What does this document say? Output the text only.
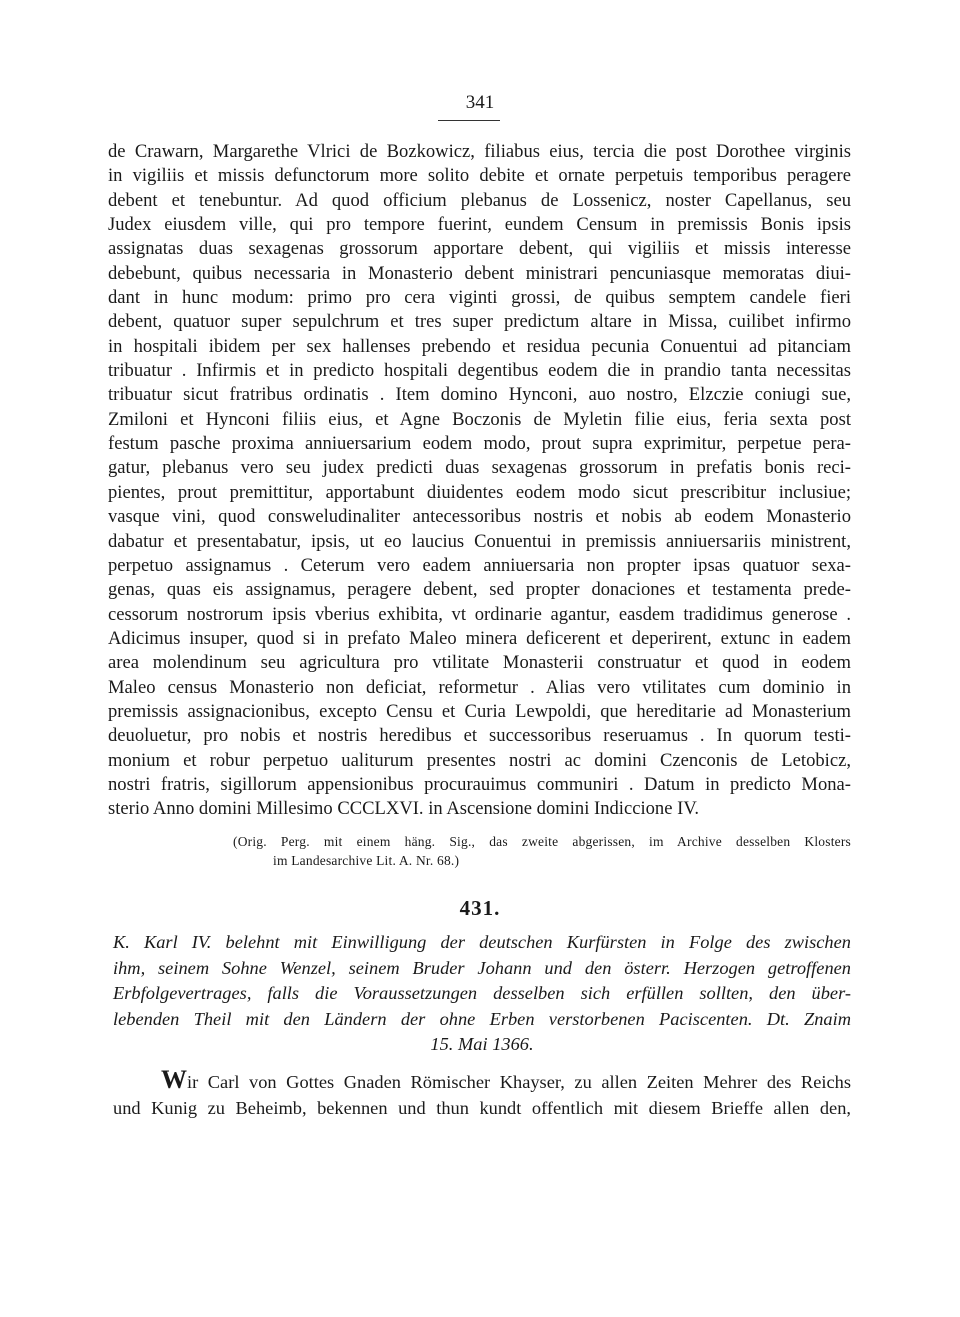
341
de Crawarn, Margarethe Vlrici de Bozkowicz, filiabus eius, tercia die post Dorothee virginis
in vigiliis et missis defunctorum more solito debite et ornate perpetuis temporibus peragere
debent et tenebuntur. Ad quod officium plebanus de Lossenicz, noster Capellanus, seu
Judex eiusdem ville, qui pro tempore fuerint, eundem Censum in premissis Bonis ipsis
assignatas duas sexagenas grossorum apportare debent, qui vigiliis et missis interesse
debebunt, quibus necessaria in Monasterio debent ministrari pencuniasque memoratas diui-
dant in hunc modum: primo pro cera viginti grossi, de quibus semptem candele fieri
debent, quatuor super sepulchrum et tres super predictum altare in Missa, cuilibet infirmo
in hospitali ibidem per sex hallenses prebendo et residua pecunia Conuentui ad pitanciam
tribuatur . Infirmis et in predicto hospitali degentibus eodem die in prandio tanta necessitas
tribuatur sicut fratribus ordinatis . Item domino Hynconi, auo nostro, Elzczie coniugi sue,
Zmiloni et Hynconi filiis eius, et Agne Boczonis de Myletin filie eius, feria sexta post
festum pasche proxima anniuersarium eodem modo, prout supra exprimitur, perpetue pera-
gatur, plebanus vero seu judex predicti duas sexagenas grossorum in prefatis bonis reci-
pientes, prout premittitur, apportabunt diuidentes eodem modo sicut prescribitur inclusiue;
vasque vini, quod consweludinaliter antecessoribus nostris et nobis ab eodem Monasterio
dabatur et presentabatur, ipsis, ut eo laucius Conuentui in premissis anniuersariis ministrent,
perpetuo assignamus . Ceterum vero eadem anniuersaria non propter ipsas quatuor sexa-
genas, quas eis assignamus, peragere debent, sed propter donaciones et testamenta prede-
cessorum nostrorum ipsis vberius exhibita, vt ordinarie agantur, easdem tradidimus generose .
Adicimus insuper, quod si in prefato Maleo minera deficerent et deperirent, extunc in eadem
area molendinum seu agricultura pro vtilitate Monasterii construatur et quod in eodem
Maleo census Monasterio non deficiat, reformetur . Alias vero vtilitates cum dominio in
premissis assignacionibus, excepto Censu et Curia Lewpoldi, que hereditarie ad Monasterium
deuoluetur, pro nobis et nostris heredibus et successoribus reseruamus . In quorum testi-
monium et robur perpetuo ualiturum presentes nostri ac domini Czenconis de Letobicz,
nostri fratris, sigillorum appensionibus procurauimus communiri . Datum in predicto Mona-
sterio Anno domini Millesimo CCCLXVI. in Ascensione domini Indiccione IV.
(Orig. Perg. mit einem häng. Sig., das zweite abgerissen, im Archive desselben Klosters
im Landesarchive Lit. A. Nr. 68.)
431.
K. Karl IV. belehnt mit Einwilligung der deutschen Kurfürsten in Folge des zwischen
ihm, seinem Sohne Wenzel, seinem Bruder Johann und den österr. Herzogen getroffenen
Erbfolgevertrages, falls die Voraussetzungen desselben sich erfüllen sollten, den über-
lebenden Theil mit den Ländern der ohne Erben verstorbenen Paciscenten. Dt. Znaim
15. Mai 1366.
Wir Carl von Gottes Gnaden Römischer Khayser, zu allen Zeiten Mehrer des Reichs
und Kunig zu Beheimb, bekennen und thun kundt offentlich mit diesem Brieffe allen den,
